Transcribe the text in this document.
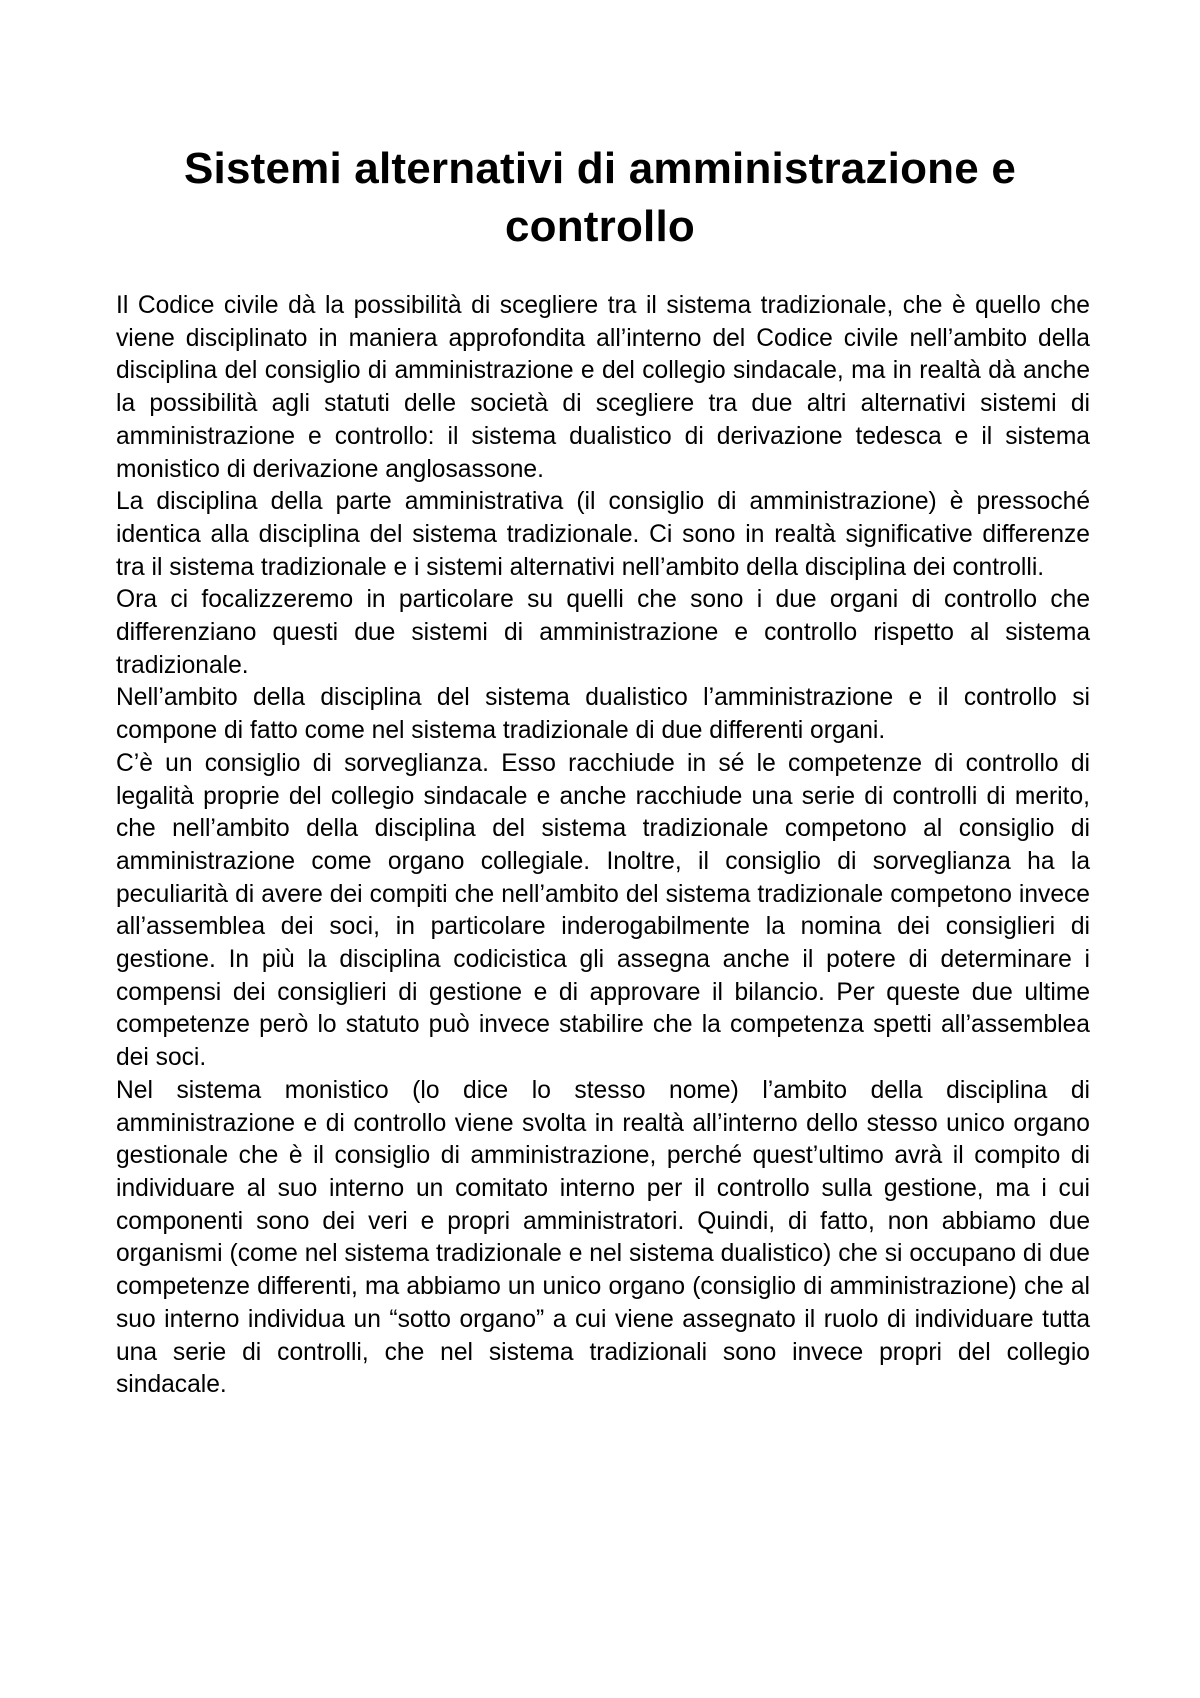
Sistemi alternativi di amministrazione e controllo

Il Codice civile dà la possibilità di scegliere tra il sistema tradizionale, che è quello che viene disciplinato in maniera approfondita all’interno del Codice civile nell’ambito della disciplina del consiglio di amministrazione e del collegio sindacale, ma in realtà dà anche la possibilità agli statuti delle società di scegliere tra due altri alternativi sistemi di amministrazione e controllo: il sistema dualistico di derivazione tedesca e il sistema monistico di derivazione anglosassone.

La disciplina della parte amministrativa (il consiglio di amministrazione) è pressoché identica alla disciplina del sistema tradizionale. Ci sono in realtà significative differenze tra il sistema tradizionale e i sistemi alternativi nell’ambito della disciplina dei controlli.

Ora ci focalizzeremo in particolare su quelli che sono i due organi di controllo che differenziano questi due sistemi di amministrazione e controllo rispetto al sistema tradizionale.

Nell’ambito della disciplina del sistema dualistico l’amministrazione e il controllo si compone di fatto come nel sistema tradizionale di due differenti organi.

C’è un consiglio di sorveglianza. Esso racchiude in sé le competenze di controllo di legalità proprie del collegio sindacale e anche racchiude una serie di controlli di merito, che nell’ambito della disciplina del sistema tradizionale competono al consiglio di amministrazione come organo collegiale. Inoltre, il consiglio di sorveglianza ha la peculiarità di avere dei compiti che nell’ambito del sistema tradizionale competono invece all’assemblea dei soci, in particolare inderogabilmente la nomina dei consiglieri di gestione. In più la disciplina codicistica gli assegna anche il potere di determinare i compensi dei consiglieri di gestione e di approvare il bilancio. Per queste due ultime competenze però lo statuto può invece stabilire che la competenza spetti all’assemblea dei soci.

Nel sistema monistico (lo dice lo stesso nome) l’ambito della disciplina di amministrazione e di controllo viene svolta in realtà all’interno dello stesso unico organo gestionale che è il consiglio di amministrazione, perché quest’ultimo avrà il compito di individuare al suo interno un comitato interno per il controllo sulla gestione, ma i cui componenti sono dei veri e propri amministratori. Quindi, di fatto, non abbiamo due organismi (come nel sistema tradizionale e nel sistema dualistico) che si occupano di due competenze differenti, ma abbiamo un unico organo (consiglio di amministrazione) che al suo interno individua un “sotto organo” a cui viene assegnato il ruolo di individuare tutta una serie di controlli, che nel sistema tradizionali sono invece propri del collegio sindacale.
